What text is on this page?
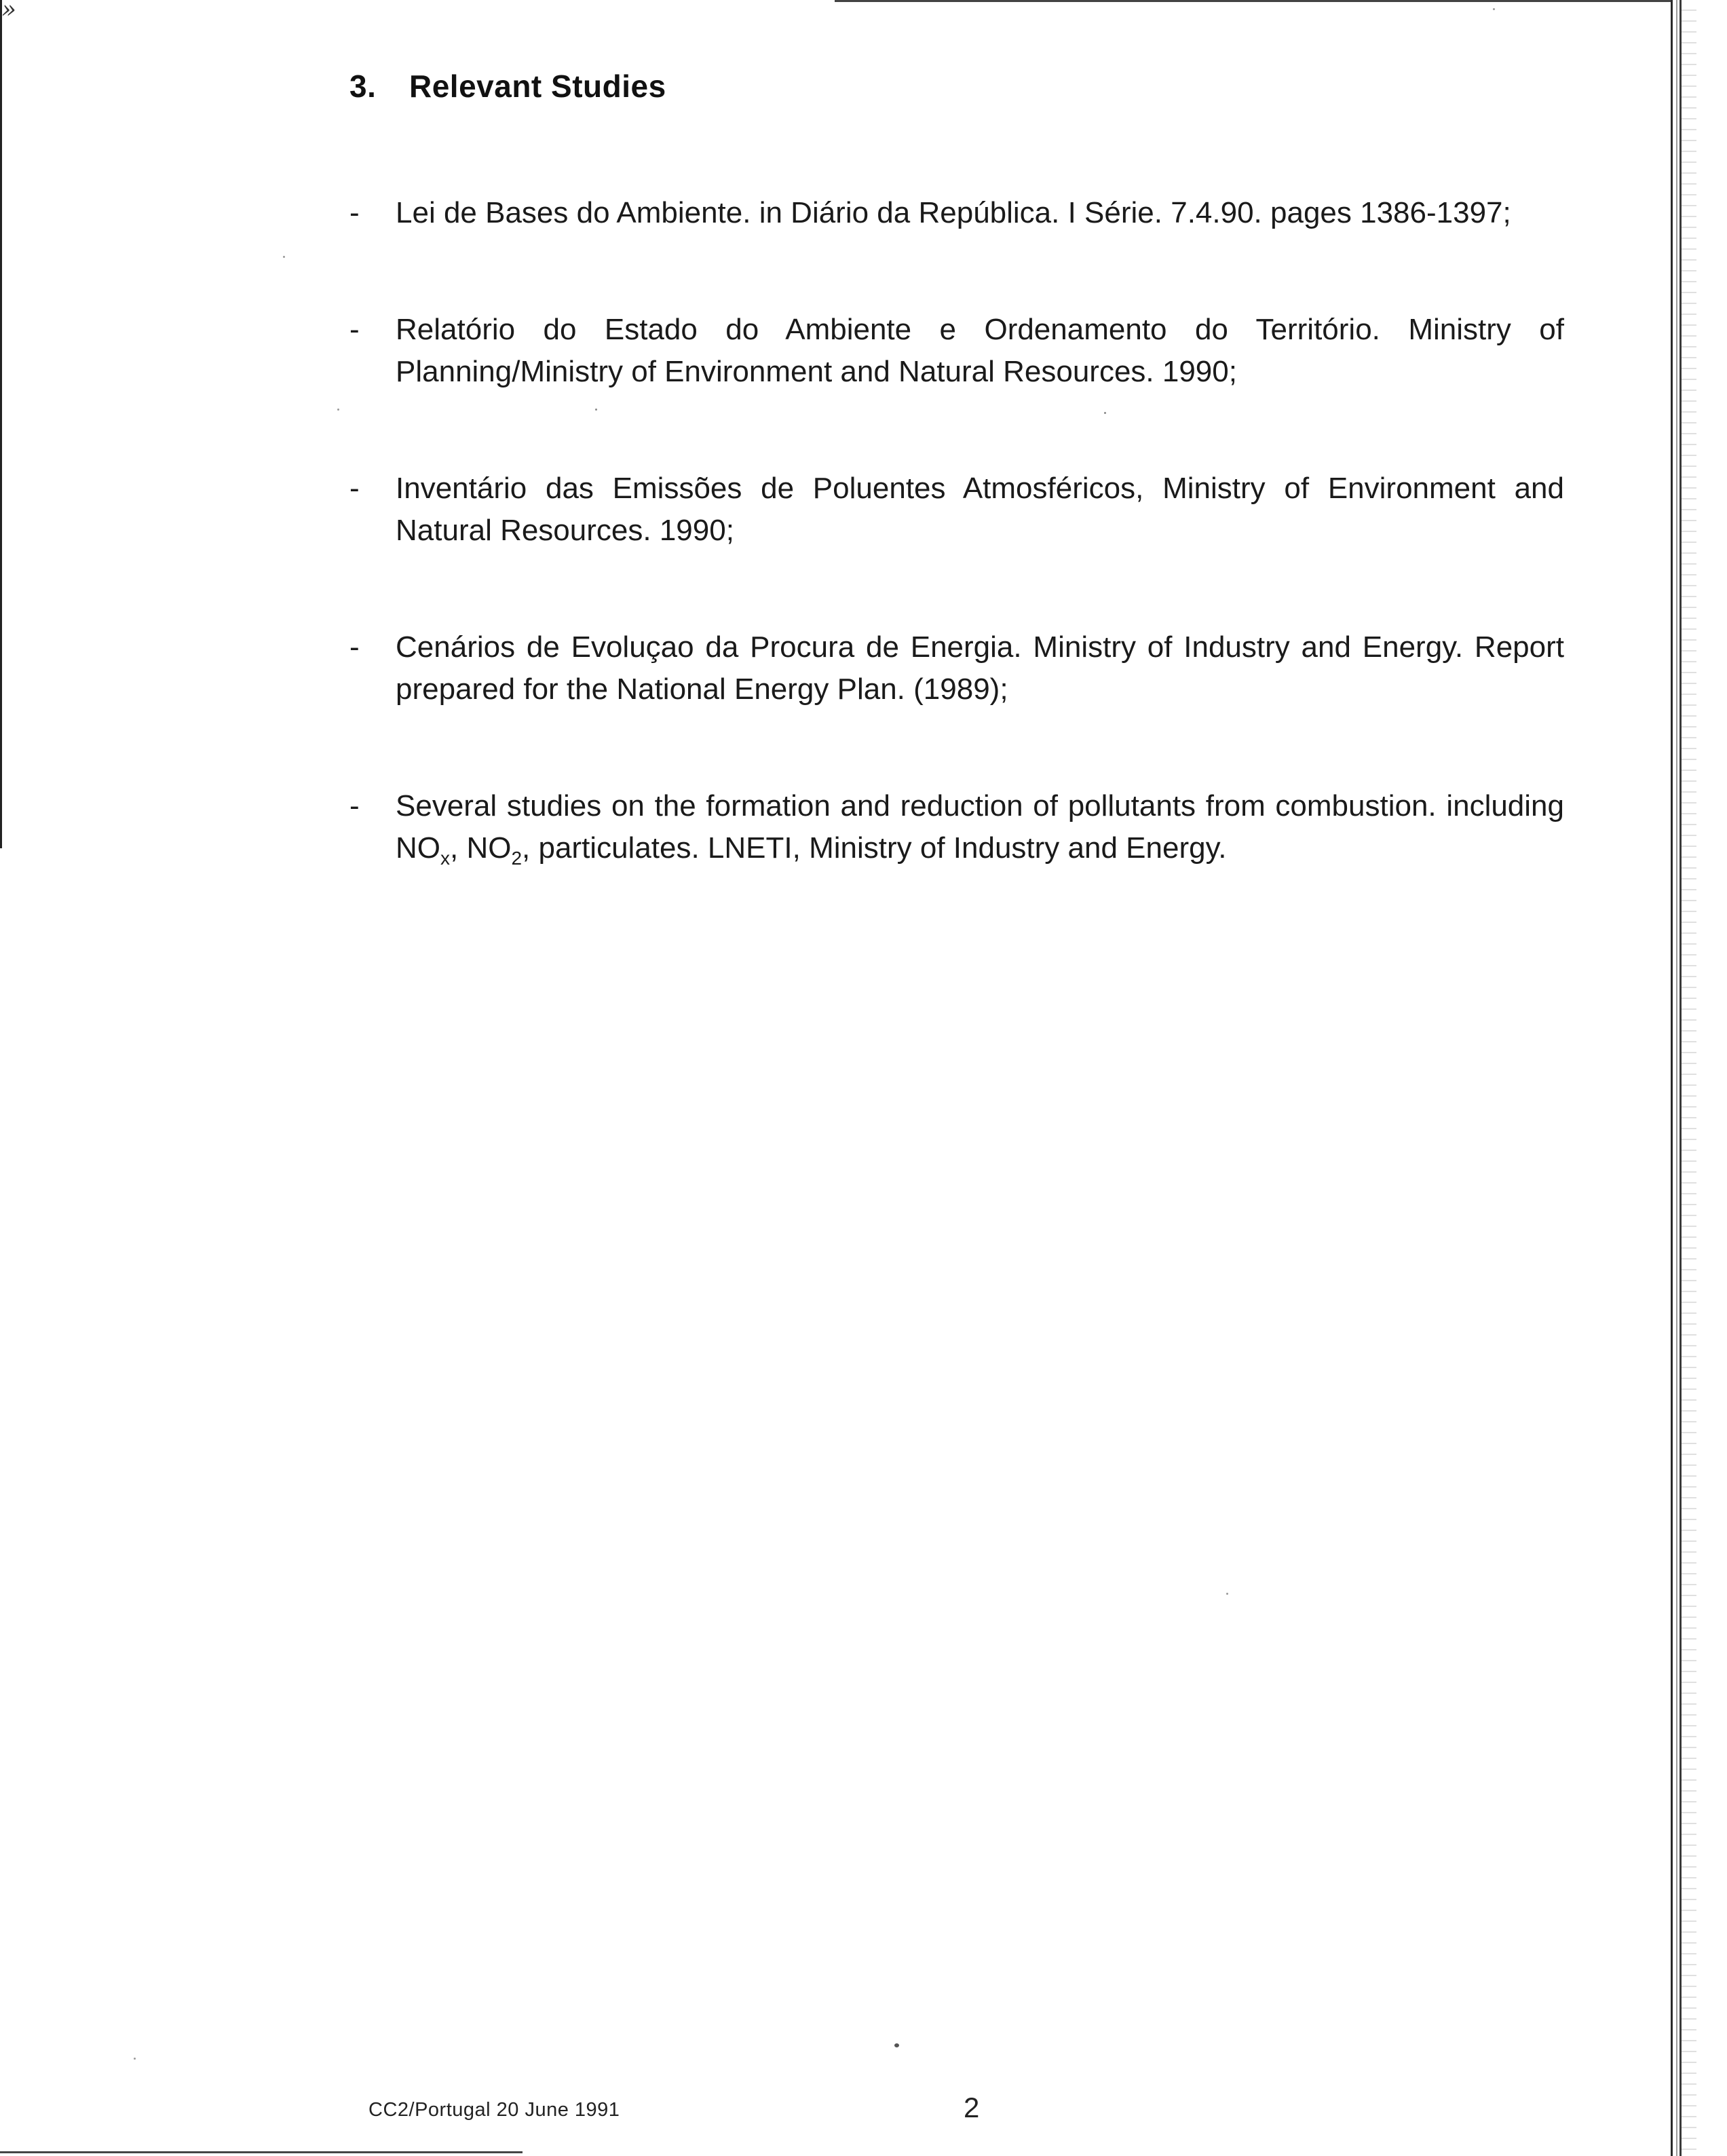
»
3. Relevant Studies
- Lei de Bases do Ambiente. in Diário da República. I Série. 7.4.90. pages 1386-1397;
- Relatório do Estado do Ambiente e Ordenamento do Território. Ministry of Planning/Ministry of Environment and Natural Resources. 1990;
- Inventário das Emissões de Poluentes Atmosféricos, Ministry of Environment and Natural Resources. 1990;
- Cenários de Evoluçao da Procura de Energia. Ministry of Industry and Energy. Report prepared for the National Energy Plan. (1989);
- Several studies on the formation and reduction of pollutants from combustion. including $NO_x$, $NO_2$, particulates. LNETI, Ministry of Industry and Energy.
CC2/Portugal 20 June 1991	2
